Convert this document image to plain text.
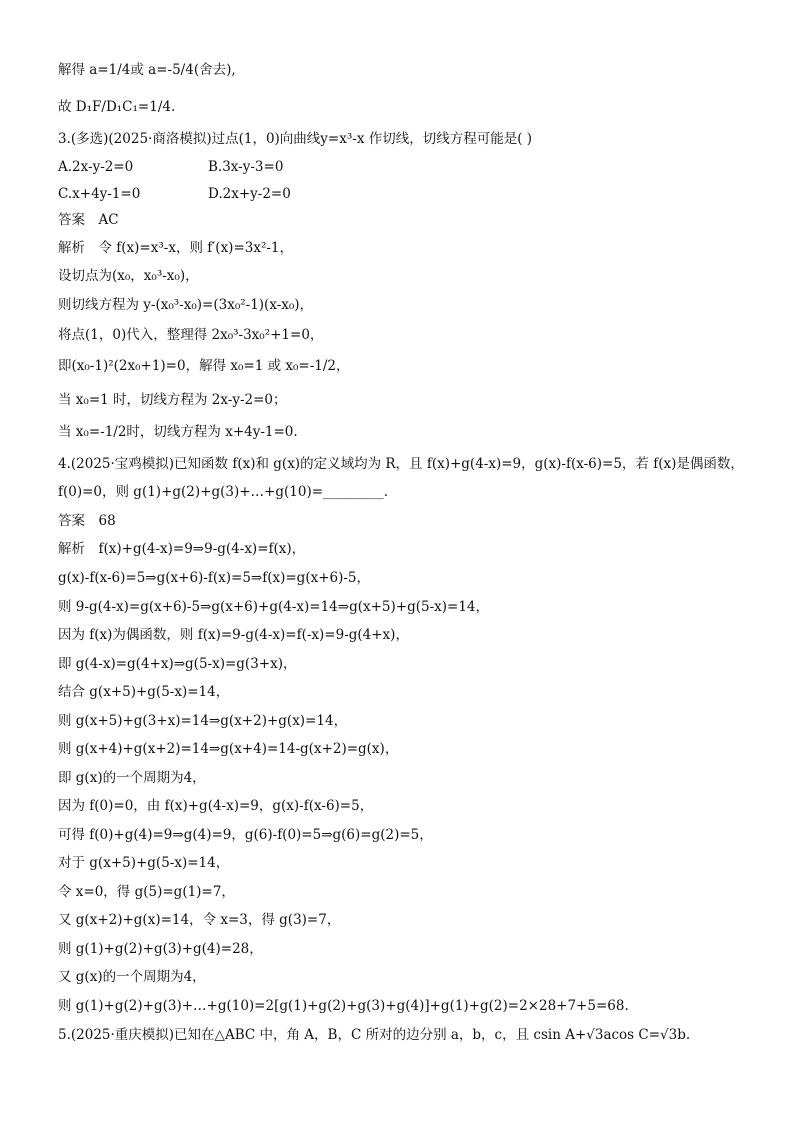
解得 a=1/4或 a=-5/4(舍去),
故 D₁F/D₁C₁=1/4.
3.(多选)(2025·商洛模拟)过点(1，0)向曲线y=x³-x 作切线，切线方程可能是( )
A.2x-y-2=0	B.3x-y-3=0
C.x+4y-1=0	D.2x+y-2=0
答案　AC
解析　令 f(x)=x³-x，则 f′(x)=3x²-1，
设切点为(x₀，x₀³-x₀)，
则切线方程为 y-(x₀³-x₀)=(3x₀²-1)(x-x₀)，
将点(1，0)代入，整理得 2x₀³-3x₀²+1=0，
即(x₀-1)²(2x₀+1)=0，解得 x₀=1 或 x₀=-1/2，
当 x₀=1 时，切线方程为 2x-y-2=0；
当 x₀=-1/2时，切线方程为 x+4y-1=0.
4.(2025·宝鸡模拟)已知函数 f(x)和 g(x)的定义域均为 R，且 f(x)+g(4-x)=9，g(x)-f(x-6)=5，若 f(x)是偶函数，
f(0)=0，则 g(1)+g(2)+g(3)+…+g(10)=_________.
答案　68
解析　f(x)+g(4-x)=9⇒9-g(4-x)=f(x)，
g(x)-f(x-6)=5⇒g(x+6)-f(x)=5⇒f(x)=g(x+6)-5，
则 9-g(4-x)=g(x+6)-5⇒g(x+6)+g(4-x)=14⇒g(x+5)+g(5-x)=14，
因为 f(x)为偶函数，则 f(x)=9-g(4-x)=f(-x)=9-g(4+x)，
即 g(4-x)=g(4+x)⇒g(5-x)=g(3+x)，
结合 g(x+5)+g(5-x)=14，
则 g(x+5)+g(3+x)=14⇒g(x+2)+g(x)=14，
则 g(x+4)+g(x+2)=14⇒g(x+4)=14-g(x+2)=g(x)，
即 g(x)的一个周期为4，
因为 f(0)=0，由 f(x)+g(4-x)=9，g(x)-f(x-6)=5，
可得 f(0)+g(4)=9⇒g(4)=9，g(6)-f(0)=5⇒g(6)=g(2)=5，
对于 g(x+5)+g(5-x)=14，
令 x=0，得 g(5)=g(1)=7，
又 g(x+2)+g(x)=14，令 x=3，得 g(3)=7，
则 g(1)+g(2)+g(3)+g(4)=28，
又 g(x)的一个周期为4，
则 g(1)+g(2)+g(3)+…+g(10)=2[g(1)+g(2)+g(3)+g(4)]+g(1)+g(2)=2×28+7+5=68.
5.(2025·重庆模拟)已知在△ABC 中，角 A，B，C 所对的边分别 a，b，c，且 csin A+√3acos C=√3b.
